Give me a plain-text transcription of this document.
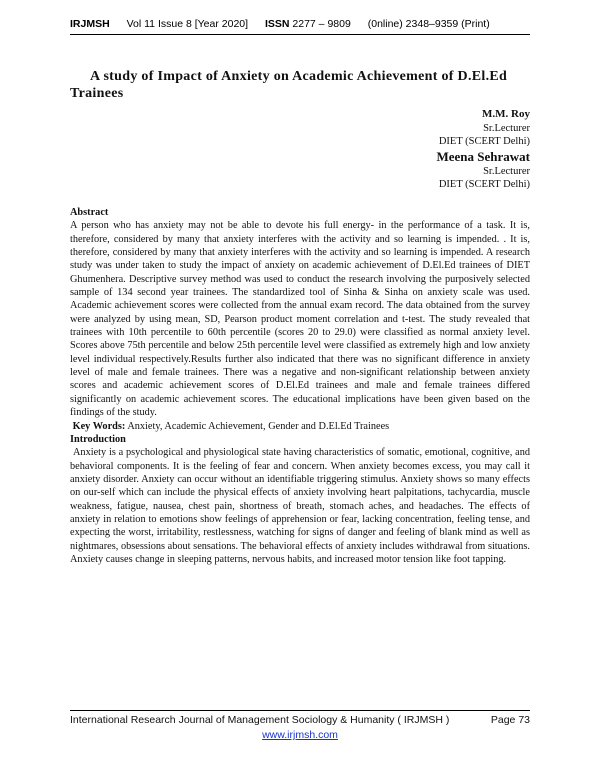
IRJMSH Vol 11 Issue 8 [Year 2020] ISSN 2277 – 9809 (0nline) 2348–9359 (Print)
A study of Impact of Anxiety on Academic Achievement of D.El.Ed Trainees
M.M. Roy
Sr.Lecturer
DIET (SCERT Delhi)
Meena Sehrawat
Sr.Lecturer
DIET (SCERT Delhi)

Abstract

A person who has anxiety may not be able to devote his full energy- in the performance of a task. It is, therefore, considered by many that anxiety interferes with the activity and so learning is impended. . It is, therefore, considered by many that anxiety interferes with the activity and so learning is impended. A research study was under taken to study the impact of anxiety on academic achievement of D.El.Ed trainees of DIET Ghumenhera. Descriptive survey method was used to conduct the research involving the purposively selected sample of 134 second year trainees. The standardized tool of Sinha & Sinha on anxiety scale was used. Academic achievement scores were collected from the annual exam record. The data obtained from the survey were analyzed by using mean, SD, Pearson product moment correlation and t-test. The study revealed that trainees with 10th percentile to 60th percentile (scores 20 to 29.0) were classified as normal anxiety level. Scores above 75th percentile and below 25th percentile level were classified as extremely high and low anxiety level individual respectively.Results further also indicated that there was no significant difference in anxiety level of male and female trainees. There was a negative and non-significant relationship between anxiety scores and academic achievement scores of D.El.Ed trainees and male and female trainees differed significantly on academic achievement scores. The educational implications have been given based on the findings of the study.

Key Words: Anxiety, Academic Achievement, Gender and D.El.Ed Trainees

Introduction

Anxiety is a psychological and physiological state having characteristics of somatic, emotional, cognitive, and behavioral components. It is the feeling of fear and concern. When anxiety becomes excess, you may call it anxiety disorder. Anxiety can occur without an identifiable triggering stimulus. Anxiety shows so many effects on our-self which can include the physical effects of anxiety involving heart palpitations, tachycardia, muscle weakness, fatigue, nausea, chest pain, shortness of breath, stomach aches, and headaches. The effects of anxiety in relation to emotions show feelings of apprehension or fear, lacking concentration, feeling tense, and expecting the worst, irritability, restlessness, watching for signs of danger and feeling of blank mind as well as nightmares, obsessions about sensations. The behavioral effects of anxiety includes withdrawal from situations. Anxiety causes change in sleeping patterns, nervous habits, and increased motor tension like foot tapping.

International Research Journal of Management Sociology & Humanity ( IRJMSH )	Page 73
www.irjmsh.com
